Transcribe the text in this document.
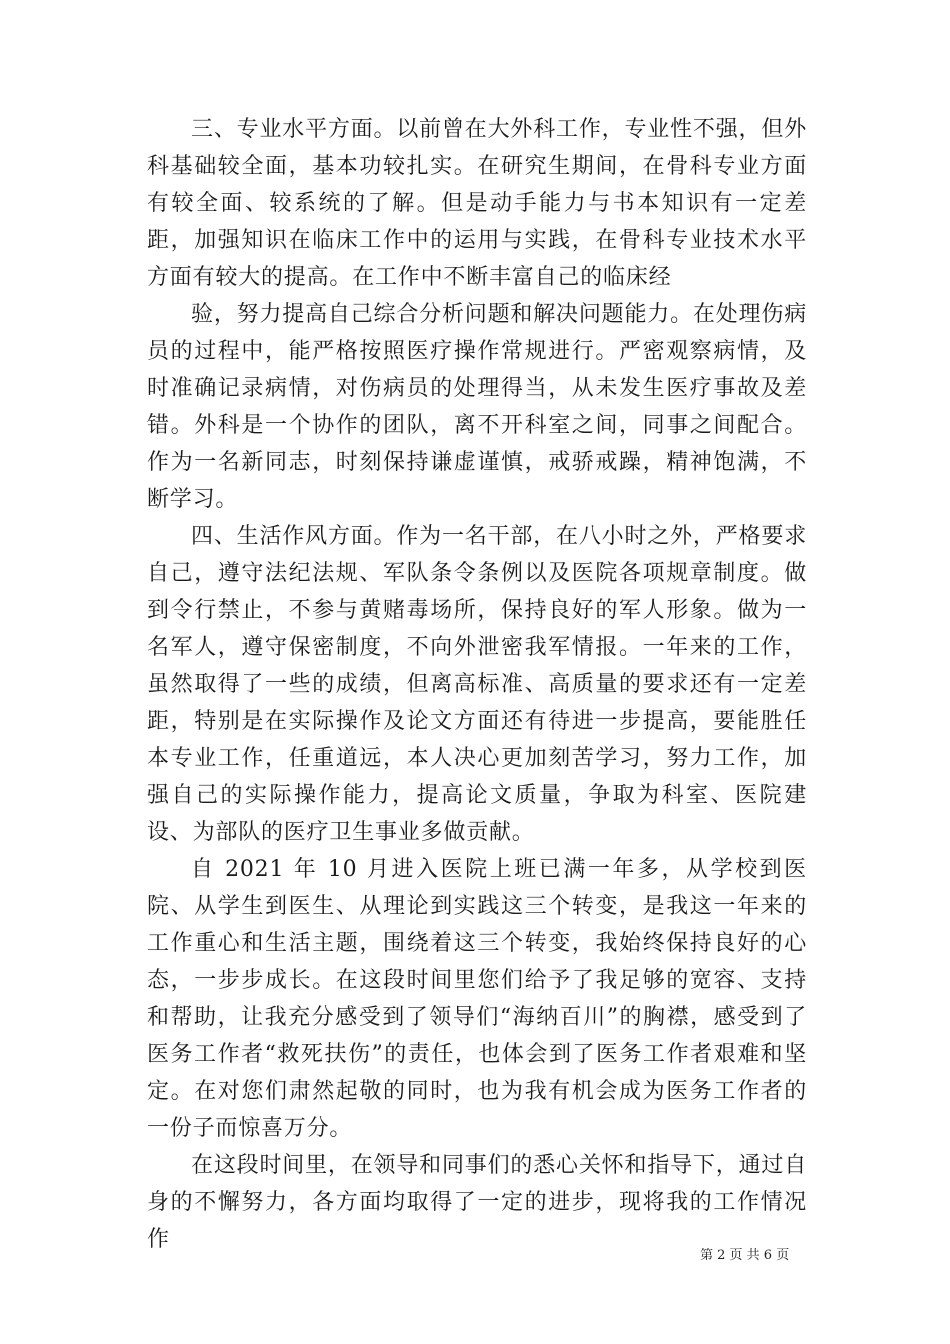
三、专业水平方面。以前曾在大外科工作，专业性不强，但外科基础较全面，基本功较扎实。在研究生期间，在骨科专业方面有较全面、较系统的了解。但是动手能力与书本知识有一定差距，加强知识在临床工作中的运用与实践，在骨科专业技术水平方面有较大的提高。在工作中不断丰富自己的临床经

验，努力提高自己综合分析问题和解决问题能力。在处理伤病员的过程中，能严格按照医疗操作常规进行。严密观察病情，及时准确记录病情，对伤病员的处理得当，从未发生医疗事故及差错。外科是一个协作的团队，离不开科室之间，同事之间配合。作为一名新同志，时刻保持谦虚谨慎，戒骄戒躁，精神饱满，不断学习。

四、生活作风方面。作为一名干部，在八小时之外，严格要求自己，遵守法纪法规、军队条令条例以及医院各项规章制度。做到令行禁止，不参与黄赌毒场所，保持良好的军人形象。做为一名军人，遵守保密制度，不向外泄密我军情报。一年来的工作，虽然取得了一些的成绩，但离高标准、高质量的要求还有一定差距，特别是在实际操作及论文方面还有待进一步提高，要能胜任本专业工作，任重道远，本人决心更加刻苦学习，努力工作，加强自己的实际操作能力，提高论文质量，争取为科室、医院建设、为部队的医疗卫生事业多做贡献。

自 2021 年 10 月进入医院上班已满一年多，从学校到医院、从学生到医生、从理论到实践这三个转变，是我这一年来的工作重心和生活主题，围绕着这三个转变，我始终保持良好的心态，一步步成长。在这段时间里您们给予了我足够的宽容、支持和帮助，让我充分感受到了领导们“海纳百川”的胸襟，感受到了医务工作者“救死扶伤”的责任，也体会到了医务工作者艰难和坚定。在对您们肃然起敬的同时，也为我有机会成为医务工作者的一份子而惊喜万分。

在这段时间里，在领导和同事们的悉心关怀和指导下，通过自身的不懈努力，各方面均取得了一定的进步，现将我的工作情况作

第 2 页 共 6 页
